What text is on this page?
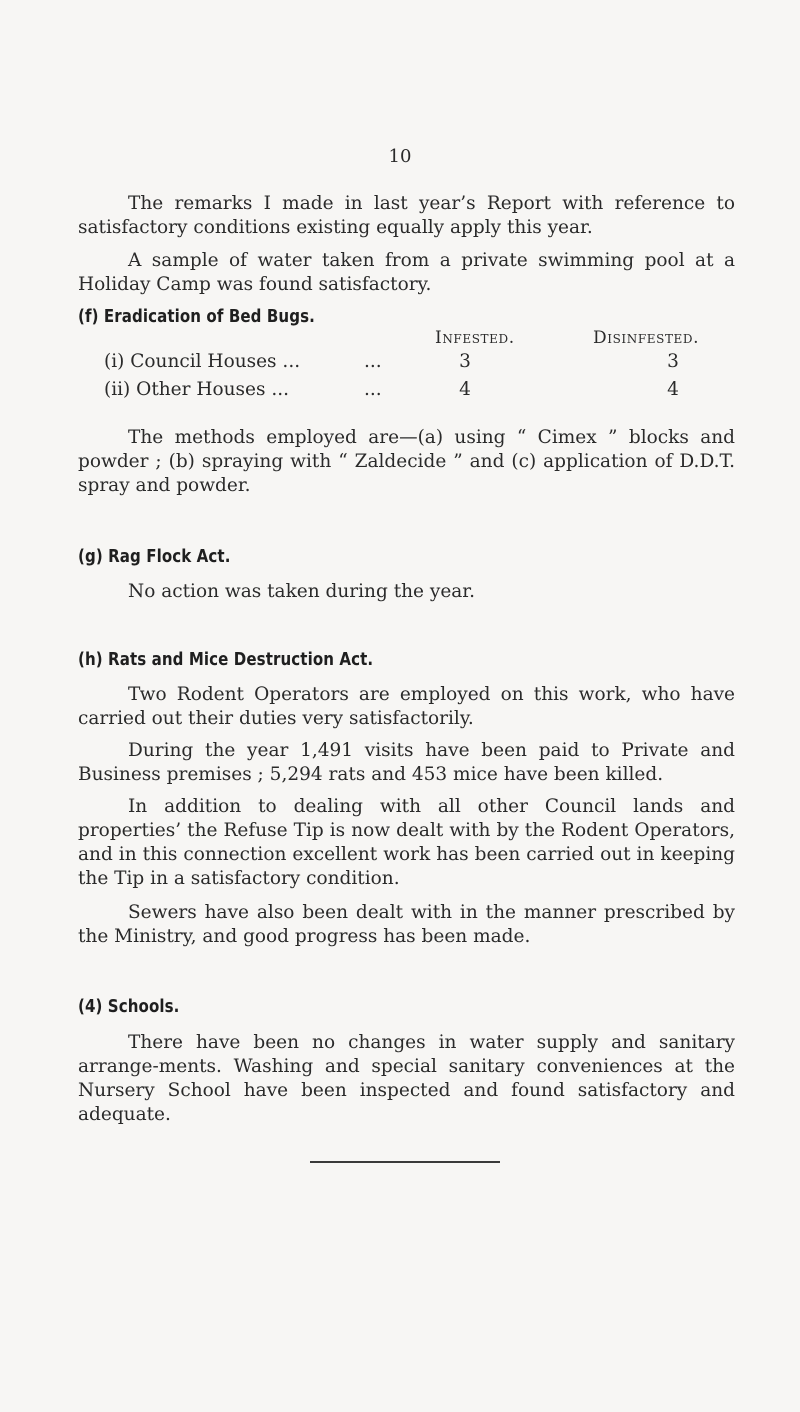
10

The remarks I made in last year’s Report with reference to satisfactory conditions existing equally apply this year.

A sample of water taken from a private swimming pool at a Holiday Camp was found satisfactory.

(f) Eradication of Bed Bugs.
Infested.	Disinfested.
(i) Council Houses ...	...	3	3
(ii) Other Houses ...	...	4	4

The methods employed are—(a) using “ Cimex ” blocks and powder ; (b) spraying with “ Zaldecide ” and (c) application of D.D.T. spray and powder.

(g) Rag Flock Act.

No action was taken during the year.

(h) Rats and Mice Destruction Act.

Two Rodent Operators are employed on this work, who have carried out their duties very satisfactorily.

During the year 1,491 visits have been paid to Private and Business premises ; 5,294 rats and 453 mice have been killed.

In addition to dealing with all other Council lands and properties’ the Refuse Tip is now dealt with by the Rodent Operators, and in this connection excellent work has been carried out in keeping the Tip in a satisfactory condition.

Sewers have also been dealt with in the manner prescribed by the Ministry, and good progress has been made.

(4) Schools.

There have been no changes in water supply and sanitary arrange-ments. Washing and special sanitary conveniences at the Nursery School have been inspected and found satisfactory and adequate.
